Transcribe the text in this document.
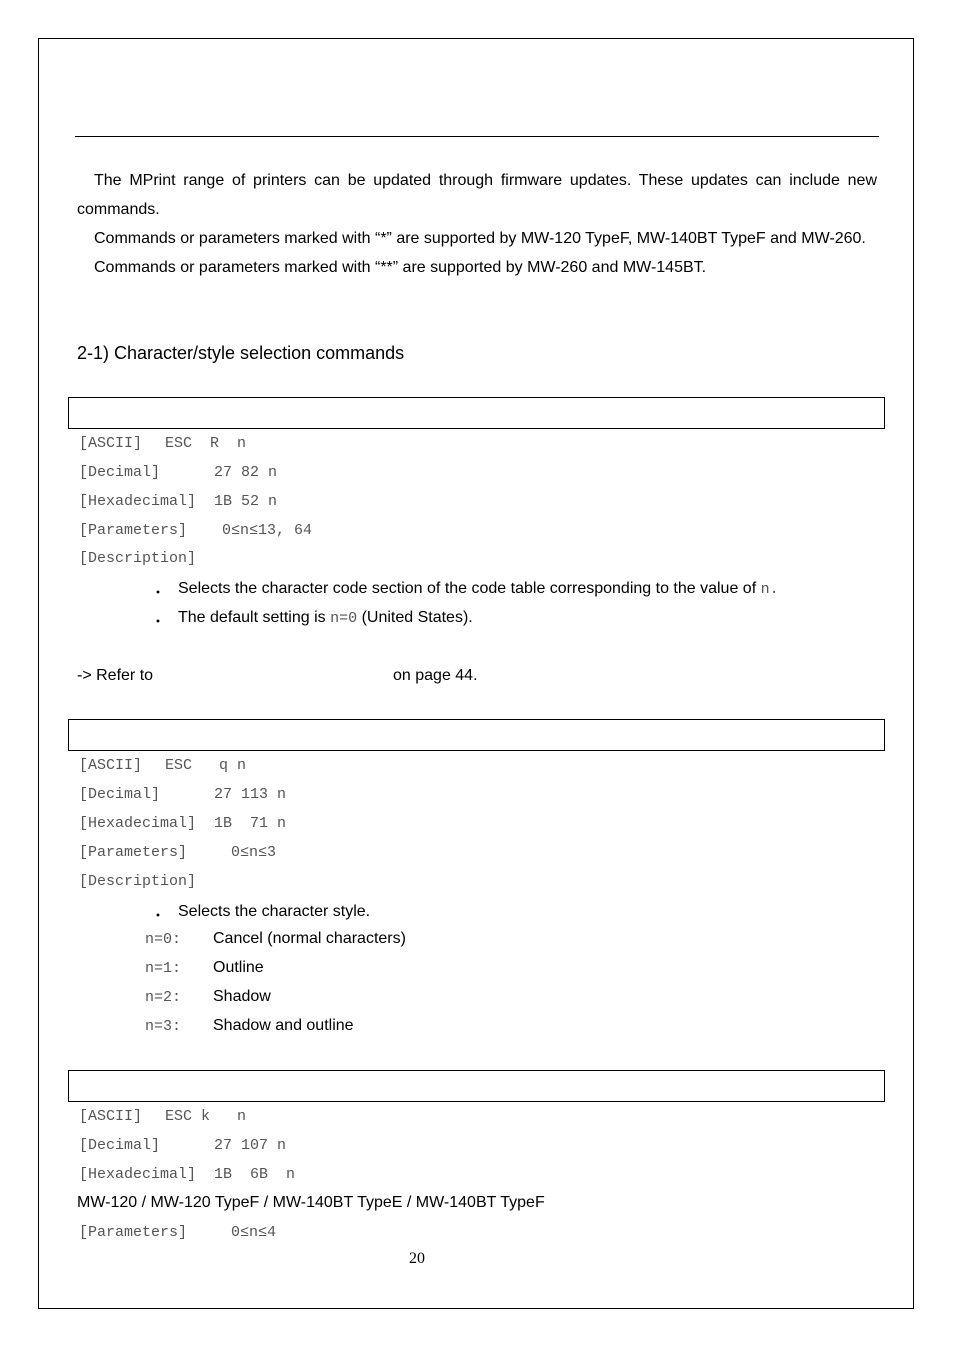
The MPrint range of printers can be updated through firmware updates. These updates can include new commands.

Commands or parameters marked with “*” are supported by MW-120 TypeF, MW-140BT TypeF and MW-260.

Commands or parameters marked with “**” are supported by MW-260 and MW-145BT.

2-1) Character/style selection commands
[ASCII] ESC  R  n
[Decimal]	27 82 n
[Hexadecimal] 1B 52 n
[Parameters] 0≤n≤13, 64
[Description]
・ Selects the character code section of the code table corresponding to the value of n.
・ The default setting is n=0 (United States).
-> Refer to	on page 44.
[ASCII] ESC   q n
[Decimal]	27 113 n
[Hexadecimal] 1B  71 n
[Parameters]	0≤n≤3
[Description]
・ Selects the character style.
n=0: Cancel (normal characters)
n=1: Outline
n=2: Shadow
n=3: Shadow and outline
[ASCII] ESC k   n
[Decimal]	27 107 n
[Hexadecimal] 1B  6B  n
MW-120 / MW-120 TypeF / MW-140BT TypeE / MW-140BT TypeF
[Parameters]	0≤n≤4
20
